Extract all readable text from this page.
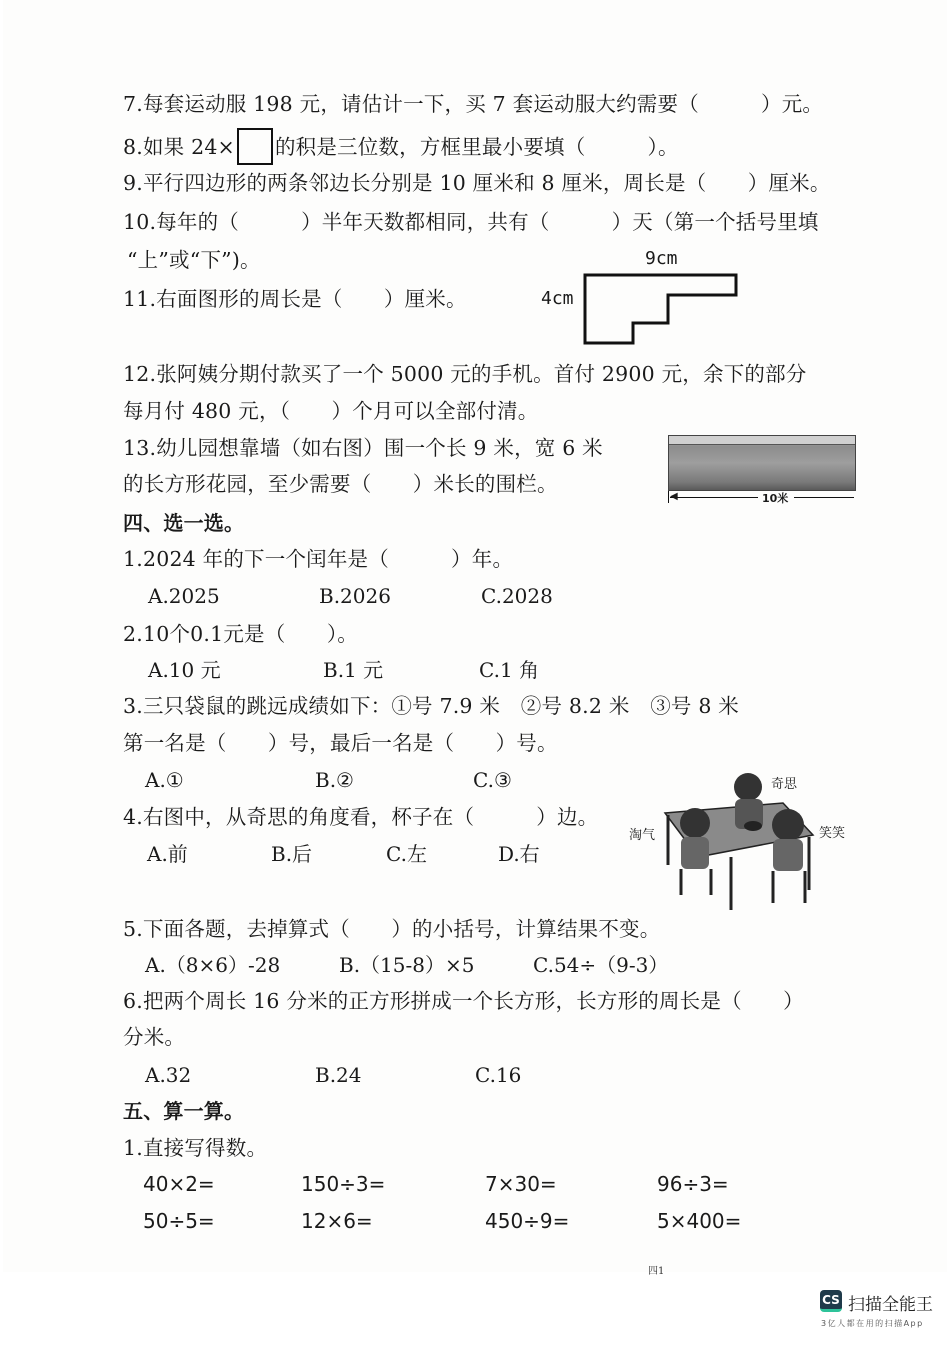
7.每套运动服 198 元，请估计一下，买 7 套运动服大约需要（　　　）元。
8.如果 24× 的积是三位数，方框里最小要填（　　　）。
9.平行四边形的两条邻边长分别是 10 厘米和 8 厘米，周长是（　　）厘米。
10.每年的（　　　）半年天数都相同，共有（　　　）天（第一个括号里填
“上”或“下”)。
11.右面图形的周长是（　　）厘米。
9cm
4cm
12.张阿姨分期付款买了一个 5000 元的手机。首付 2900 元，余下的部分
每月付 480 元，（　　）个月可以全部付清。
13.幼儿园想靠墙（如右图）围一个长 9 米，宽 6 米
的长方形花园，至少需要（　　）米长的围栏。
◀	10米
四、选一选。
1.2024 年的下一个闰年是（　　　）年。
A.2025	B.2026	C.2028
2.10个0.1元是（　　）。
A.10 元	B.1 元	C.1 角
3.三只袋鼠的跳远成绩如下：①号 7.9 米　②号 8.2 米　③号 8 米
第一名是（　　）号，最后一名是（　　）号。
A.①	B.②	C.③
4.右图中，从奇思的角度看，杯子在（　　　）边。
A.前	B.后	C.左	D.右
奇思
淘气	笑笑
5.下面各题，去掉算式（　　）的小括号，计算结果不变。
A.（8×6）-28	B.（15-8）×5	C.54÷（9-3）
6.把两个周长 16 分米的正方形拼成一个长方形，长方形的周长是（　　）
分米。
A.32	B.24	C.16
五、算一算。
1.直接写得数。
40×2=	150÷3=	7×30=	96÷3=
50÷5=	12×6=	450÷9=	5×400=
四1
CS 扫描全能王
3亿人都在用的扫描App
